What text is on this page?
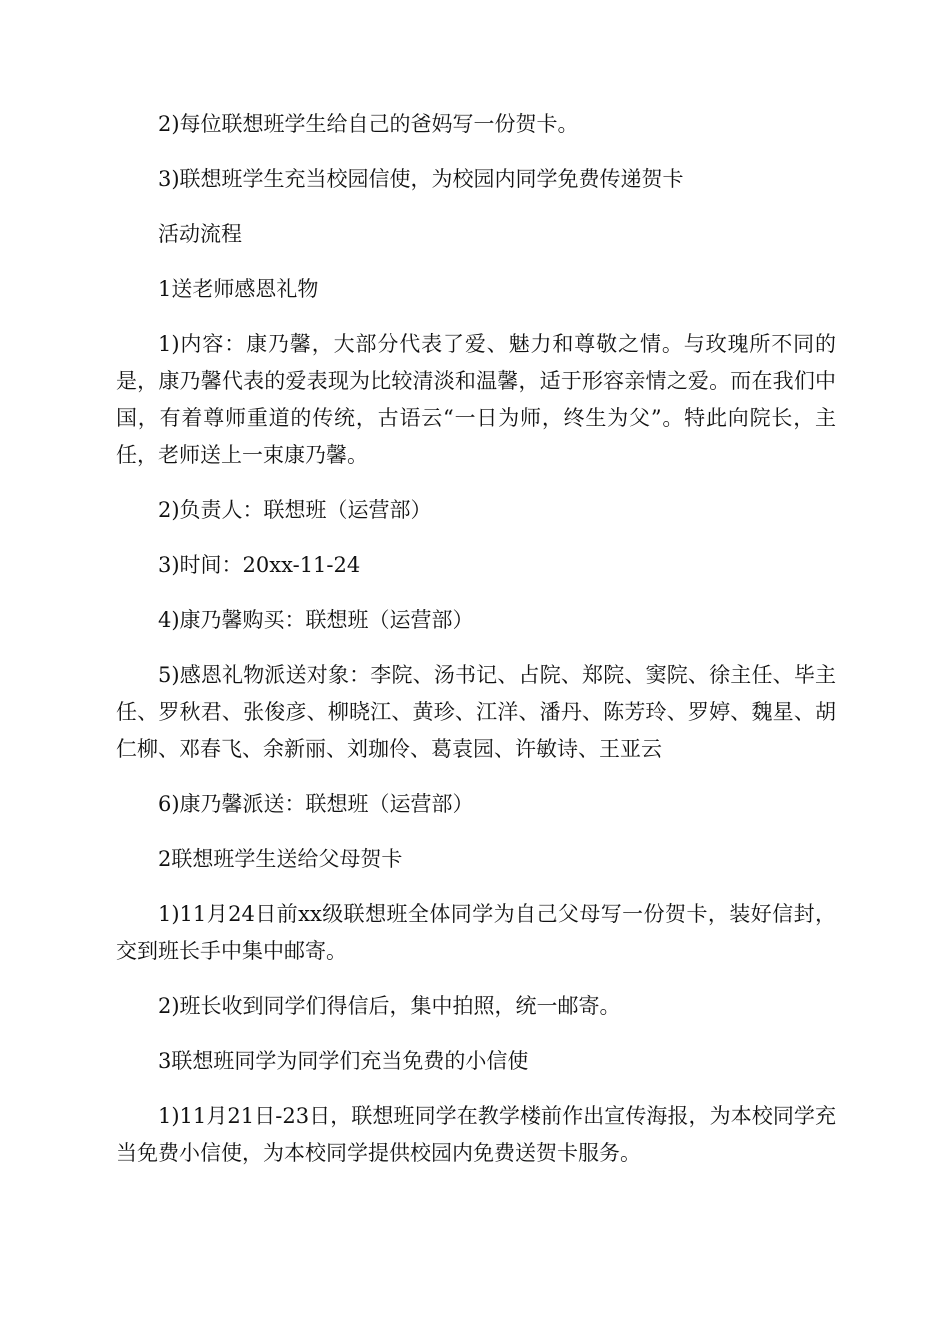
2)每位联想班学生给自己的爸妈写一份贺卡。

3)联想班学生充当校园信使，为校园内同学免费传递贺卡

活动流程

1送老师感恩礼物

1)内容：康乃馨，大部分代表了爱、魅力和尊敬之情。与玫瑰所不同的是，康乃馨代表的爱表现为比较清淡和温馨，适于形容亲情之爱。而在我们中国，有着尊师重道的传统，古语云“一日为师，终生为父”。特此向院长，主任，老师送上一束康乃馨。

2)负责人：联想班（运营部）

3)时间：20xx-11-24

4)康乃馨购买：联想班（运营部）

5)感恩礼物派送对象：李院、汤书记、占院、郑院、窦院、徐主任、毕主任、罗秋君、张俊彦、柳晓江、黄珍、江洋、潘丹、陈芳玲、罗婷、魏星、胡仁柳、邓春飞、余新丽、刘珈伶、葛袁园、许敏诗、王亚云

6)康乃馨派送：联想班（运营部）

2联想班学生送给父母贺卡

1)11月24日前xx级联想班全体同学为自己父母写一份贺卡，装好信封，交到班长手中集中邮寄。

2)班长收到同学们得信后，集中拍照，统一邮寄。

3联想班同学为同学们充当免费的小信使

1)11月21日-23日，联想班同学在教学楼前作出宣传海报，为本校同学充当免费小信使，为本校同学提供校园内免费送贺卡服务。
